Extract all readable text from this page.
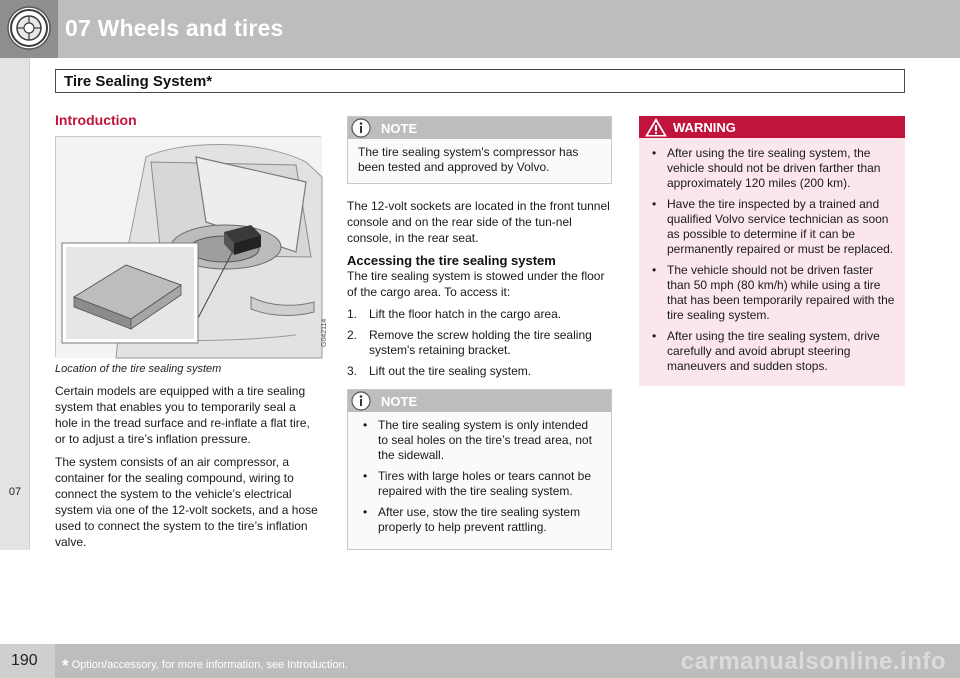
07 Wheels and tires
Tire Sealing System*
07
Introduction
G042114
Location of the tire sealing system

Certain models are equipped with a tire sealing system that enables you to temporarily seal a hole in the tread surface and re-inflate a flat tire, or to adjust a tire’s inflation pressure.

The system consists of an air compressor, a container for the sealing compound, wiring to connect the system to the vehicle’s electrical system via one of the 12-volt sockets, and a hose used to connect the system to the tire’s inflation valve.

NOTE
The tire sealing system's compressor has been tested and approved by Volvo.

The 12-volt sockets are located in the front tunnel console and on the rear side of the tun-nel console, in the rear seat.

Accessing the tire sealing system

The tire sealing system is stowed under the floor of the cargo area. To access it:

1. Lift the floor hatch in the cargo area.
2. Remove the screw holding the tire sealing system's retaining bracket.
3. Lift out the tire sealing system.
NOTE
• The tire sealing system is only intended to seal holes on the tire’s tread area, not the sidewall.
• Tires with large holes or tears cannot be repaired with the tire sealing system.
• After use, stow the tire sealing system properly to help prevent rattling.
WARNING
• After using the tire sealing system, the vehicle should not be driven farther than approximately 120 miles (200 km).
• Have the tire inspected by a trained and qualified Volvo service technician as soon as possible to determine if it can be permanently repaired or must be replaced.
• The vehicle should not be driven faster than 50 mph (80 km/h) while using a tire that has been temporarily repaired with the tire sealing system.
• After using the tire sealing system, drive carefully and avoid abrupt steering maneuvers and sudden stops.
190 * Option/accessory, for more information, see Introduction.	carmanualsonline.info
